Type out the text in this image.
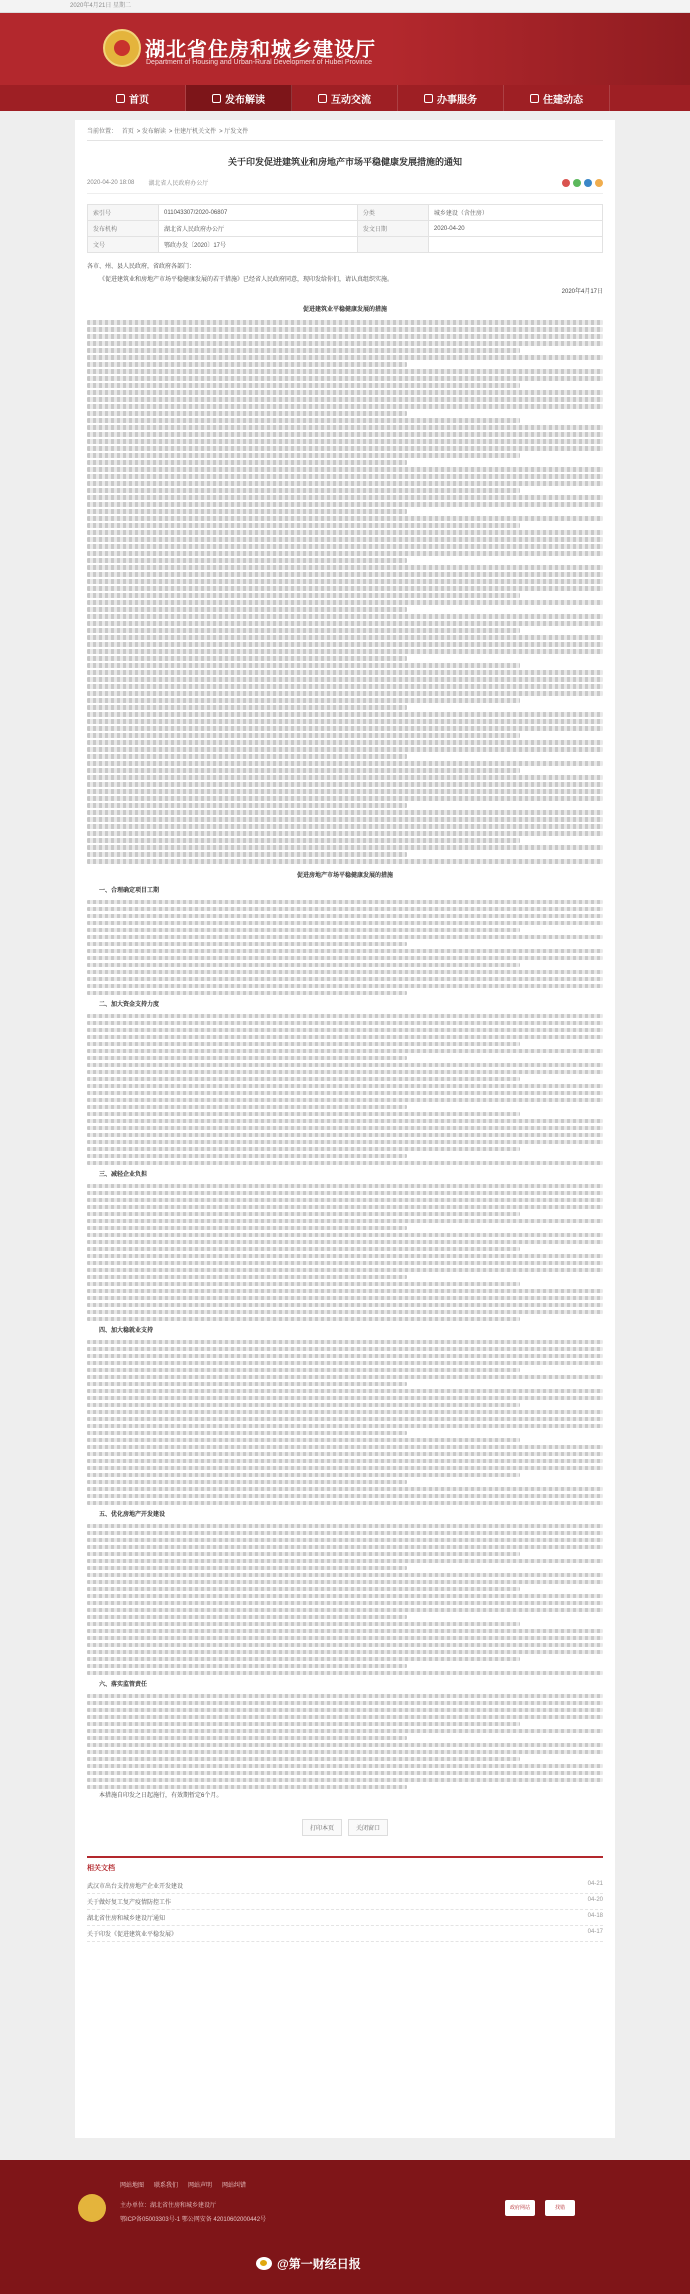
2020年4月21日 星期二
湖北省住房和城乡建设厅
Department of Housing and Urban-Rural Development of Hubei Province
首页	发布解读	互动交流	办事服务	住建动态
当前位置： 首页 > 发布解读 > 住建厅机关文件 > 厅发文件
关于印发促进建筑业和房地产市场平稳健康发展措施的通知
2020-04-20 18:08 湖北省人民政府办公厅
索引号	011043307/2020-06807	分类	城乡建设（含住房）
发布机构	湖北省人民政府办公厅	发文日期	2020-04-20
文号	鄂政办发〔2020〕17号		

各市、州、县人民政府，省政府各部门：

《促进建筑业和房地产市场平稳健康发展的若干措施》已经省人民政府同意，现印发给你们，请认真组织实施。

2020年4月17日

促进建筑业平稳健康发展的措施

促进房地产市场平稳健康发展的措施

一、合理确定项目工期

二、加大资金支持力度

三、减轻企业负担

四、加大稳就业支持

五、优化房地产开发建设

六、落实监管责任

本措施自印发之日起施行，有效期暂定6个月。

打印本页	关闭窗口
相关文档
武汉市出台支持房地产企业开发建设	04-21
关于做好复工复产疫情防控工作	04-20
湖北省住房和城乡建设厅通知	04-18
关于印发《促进建筑业平稳发展》	04-17
网站地图 联系我们 网站声明 网站纠错
主办单位：湖北省住房和城乡建设厅
鄂ICP备05003303号-1 鄂公网安备 42010602000442号
政府网站	找错
@第一财经日报
